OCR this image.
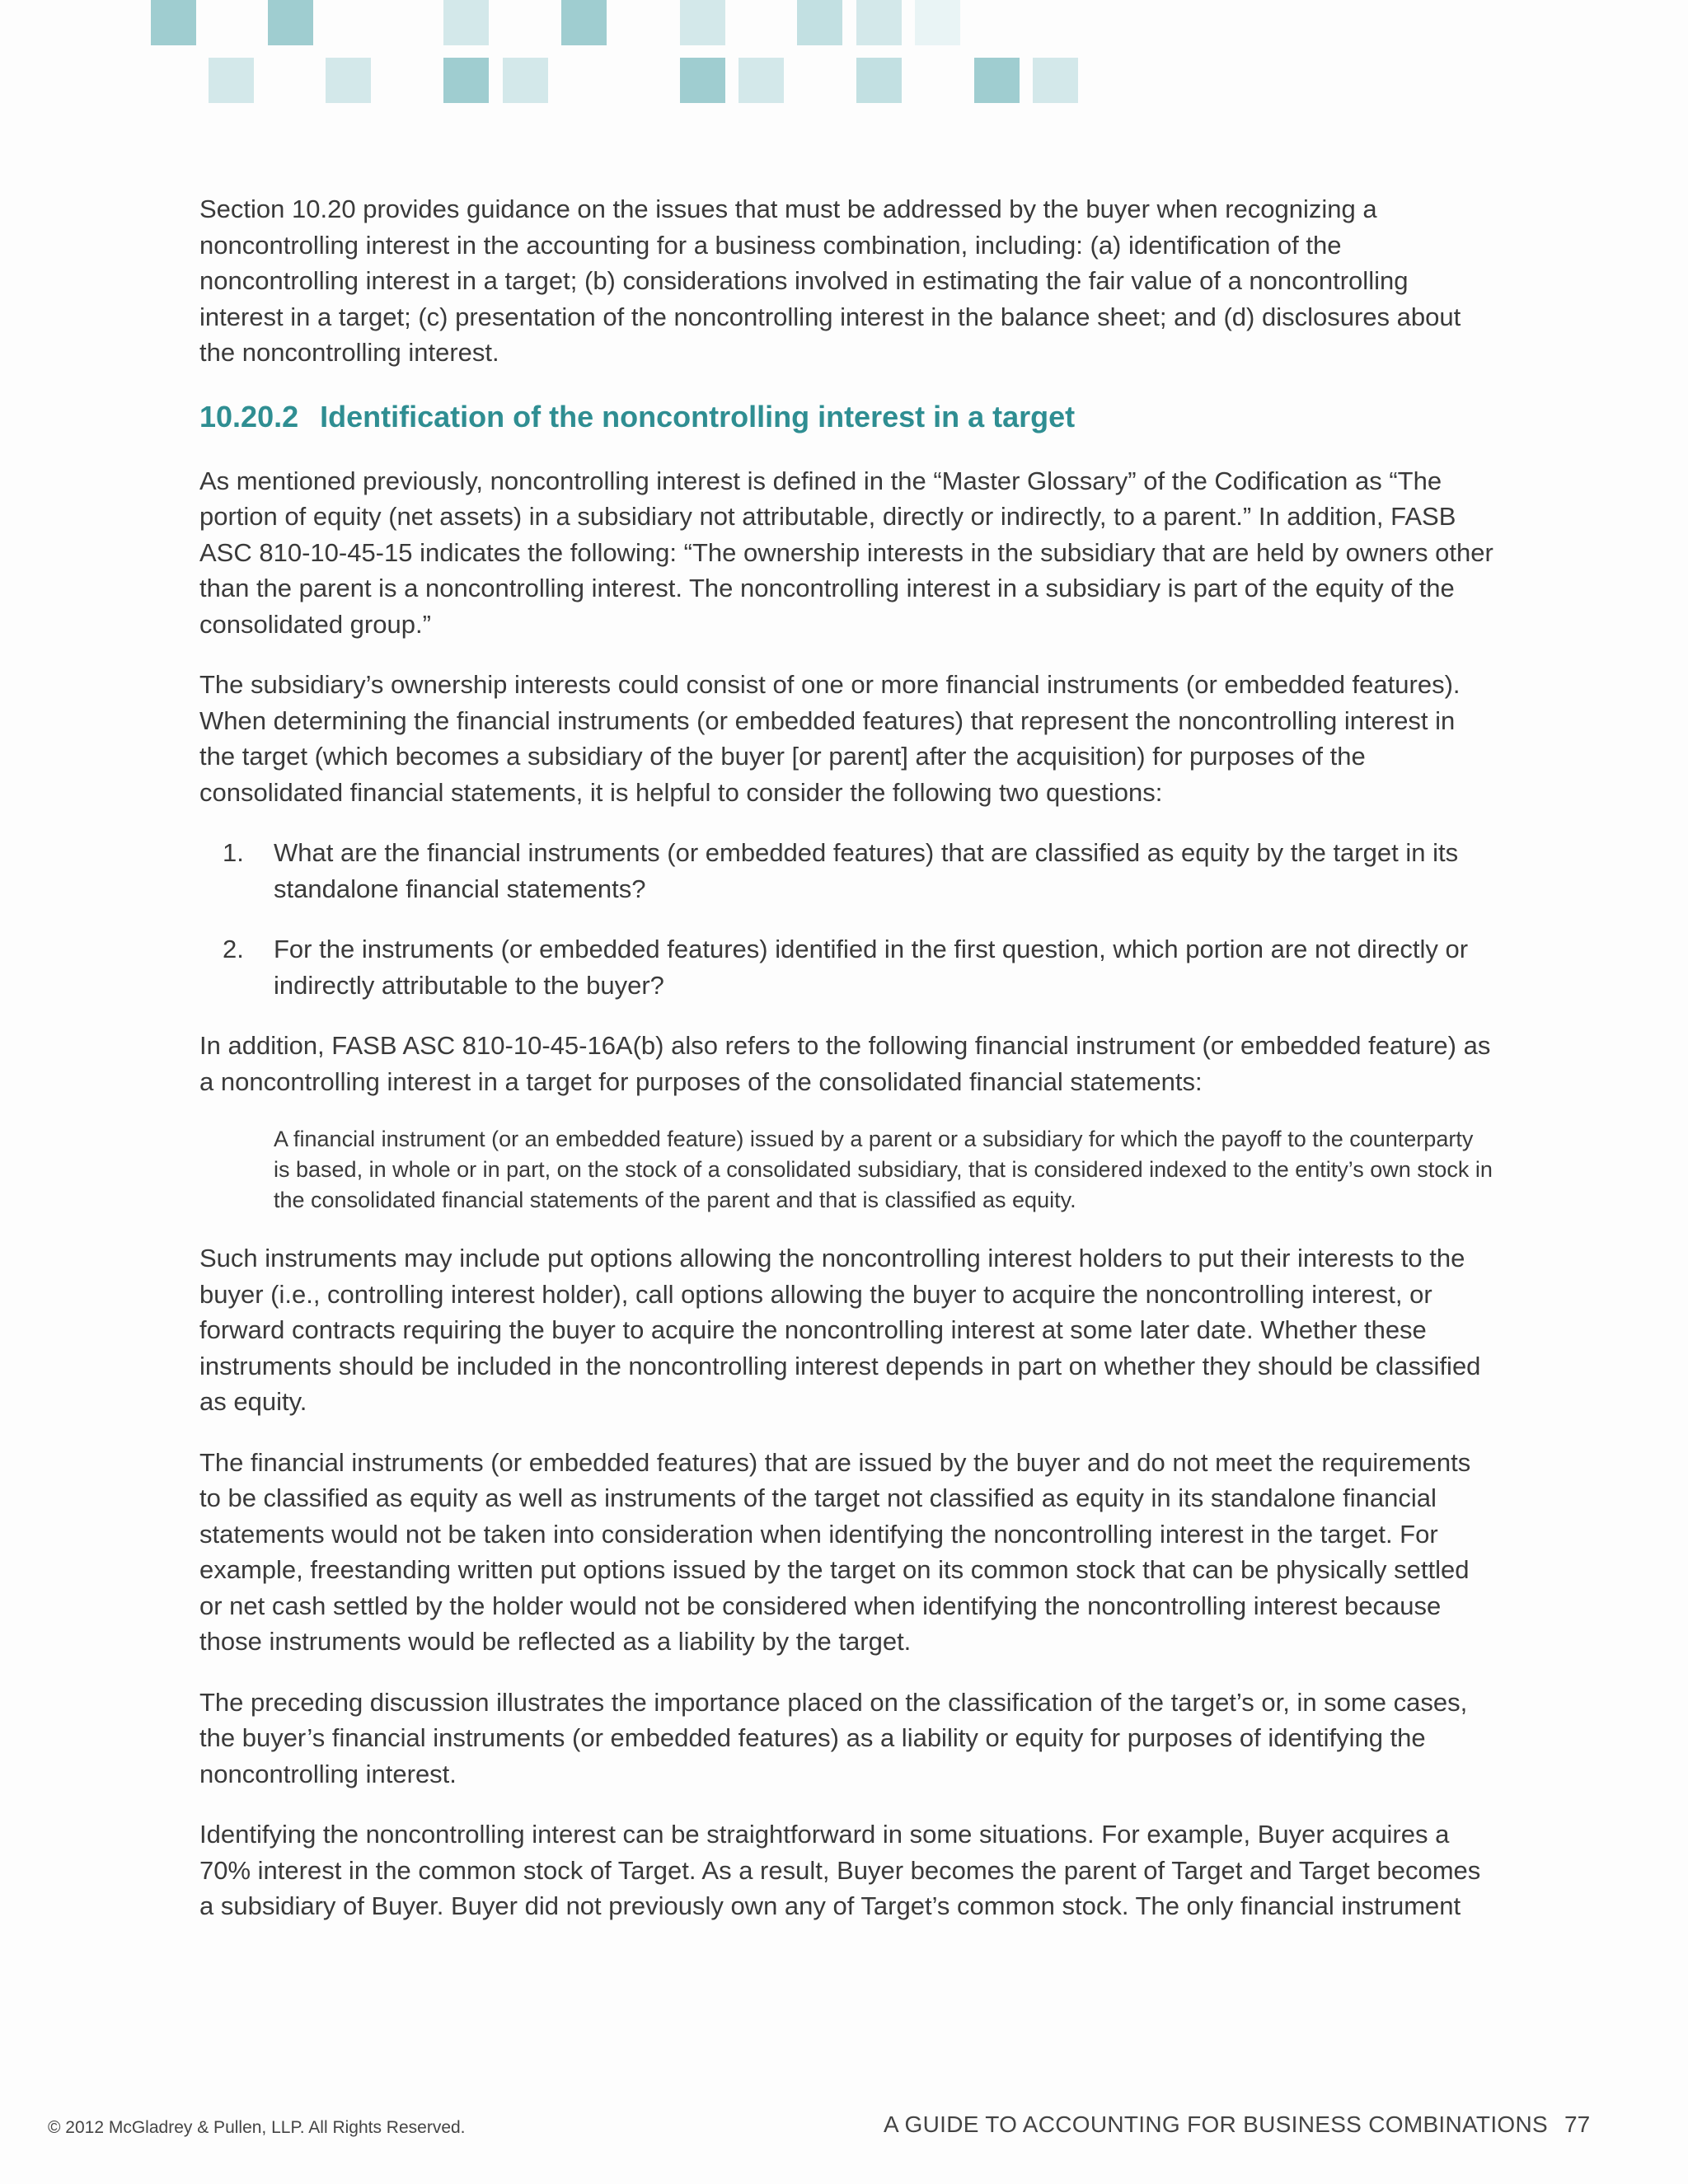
Section 10.20 provides guidance on the issues that must be addressed by the buyer when recognizing a noncontrolling interest in the accounting for a business combination, including: (a) identification of the noncontrolling interest in a target; (b) considerations involved in estimating the fair value of a noncontrolling interest in a target; (c) presentation of the noncontrolling interest in the balance sheet; and (d) disclosures about the noncontrolling interest.

10.20.2 Identification of the noncontrolling interest in a target

As mentioned previously, noncontrolling interest is defined in the “Master Glossary” of the Codification as “The portion of equity (net assets) in a subsidiary not attributable, directly or indirectly, to a parent.” In addition, FASB ASC 810-10-45-15 indicates the following: “The ownership interests in the subsidiary that are held by owners other than the parent is a noncontrolling interest. The noncontrolling interest in a subsidiary is part of the equity of the consolidated group.”

The subsidiary’s ownership interests could consist of one or more financial instruments (or embedded features). When determining the financial instruments (or embedded features) that represent the noncontrolling interest in the target (which becomes a subsidiary of the buyer [or parent] after the acquisition) for purposes of the consolidated financial statements, it is helpful to consider the following two questions:

1.	What are the financial instruments (or embedded features) that are classified as equity by the target in its standalone financial statements?

2.	For the instruments (or embedded features) identified in the first question, which portion are not directly or indirectly attributable to the buyer?

In addition, FASB ASC 810-10-45-16A(b) also refers to the following financial instrument (or embedded feature) as a noncontrolling interest in a target for purposes of the consolidated financial statements:

A financial instrument (or an embedded feature) issued by a parent or a subsidiary for which the payoff to the counterparty is based, in whole or in part, on the stock of a consolidated subsidiary, that is considered indexed to the entity’s own stock in the consolidated financial statements of the parent and that is classified as equity.

Such instruments may include put options allowing the noncontrolling interest holders to put their interests to the buyer (i.e., controlling interest holder), call options allowing the buyer to acquire the noncontrolling interest, or forward contracts requiring the buyer to acquire the noncontrolling interest at some later date. Whether these instruments should be included in the noncontrolling interest depends in part on whether they should be classified as equity.

The financial instruments (or embedded features) that are issued by the buyer and do not meet the requirements to be classified as equity as well as instruments of the target not classified as equity in its standalone financial statements would not be taken into consideration when identifying the noncontrolling interest in the target. For example, freestanding written put options issued by the target on its common stock that can be physically settled or net cash settled by the holder would not be considered when identifying the noncontrolling interest because those instruments would be reflected as a liability by the target.

The preceding discussion illustrates the importance placed on the classification of the target’s or, in some cases, the buyer’s financial instruments (or embedded features) as a liability or equity for purposes of identifying the noncontrolling interest.

Identifying the noncontrolling interest can be straightforward in some situations. For example, Buyer acquires a 70% interest in the common stock of Target. As a result, Buyer becomes the parent of Target and Target becomes a subsidiary of Buyer. Buyer did not previously own any of Target’s common stock. The only financial instrument

© 2012 McGladrey & Pullen, LLP. All Rights Reserved.	A GUIDE TO ACCOUNTING FOR BUSINESS COMBINATIONS 77
